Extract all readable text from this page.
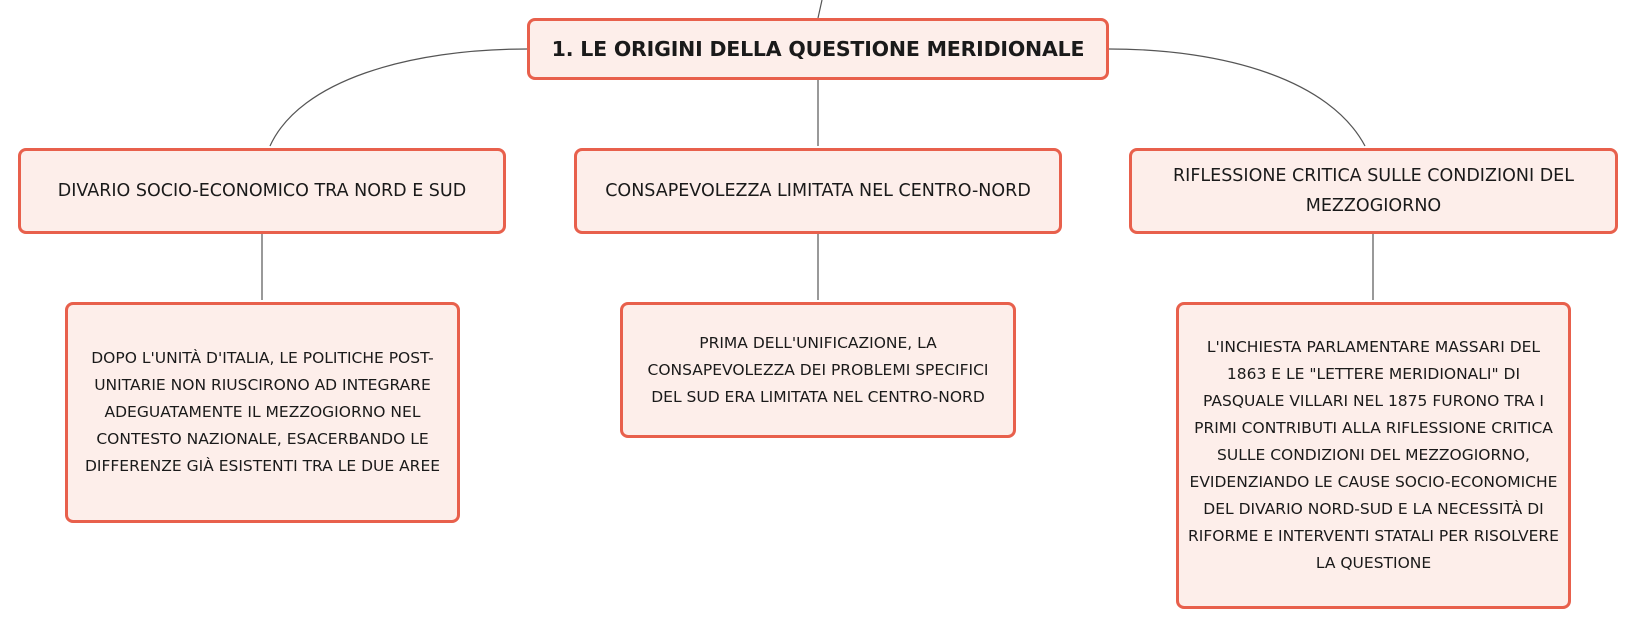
1. LE ORIGINI DELLA QUESTIONE MERIDIONALE
DIVARIO SOCIO-ECONOMICO TRA NORD E SUD	CONSAPEVOLEZZA LIMITATA NEL CENTRO-NORD
RIFLESSIONE CRITICA SULLE CONDIZIONI DEL MEZZOGIORNO
DOPO L'UNITÀ D'ITALIA, LE POLITICHE POST-UNITARIE NON RIUSCIRONO AD INTEGRARE ADEGUATAMENTE IL MEZZOGIORNO NEL CONTESTO NAZIONALE, ESACERBANDO LE DIFFERENZE GIÀ ESISTENTI TRA LE DUE AREE
PRIMA DELL'UNIFICAZIONE, LA CONSAPEVOLEZZA DEI PROBLEMI SPECIFICI DEL SUD ERA LIMITATA NEL CENTRO-NORD
L'INCHIESTA PARLAMENTARE MASSARI DEL 1863 E LE "LETTERE MERIDIONALI" DI PASQUALE VILLARI NEL 1875 FURONO TRA I PRIMI CONTRIBUTI ALLA RIFLESSIONE CRITICA SULLE CONDIZIONI DEL MEZZOGIORNO, EVIDENZIANDO LE CAUSE SOCIO-ECONOMICHE DEL DIVARIO NORD-SUD E LA NECESSITÀ DI RIFORME E INTERVENTI STATALI PER RISOLVERE LA QUESTIONE
